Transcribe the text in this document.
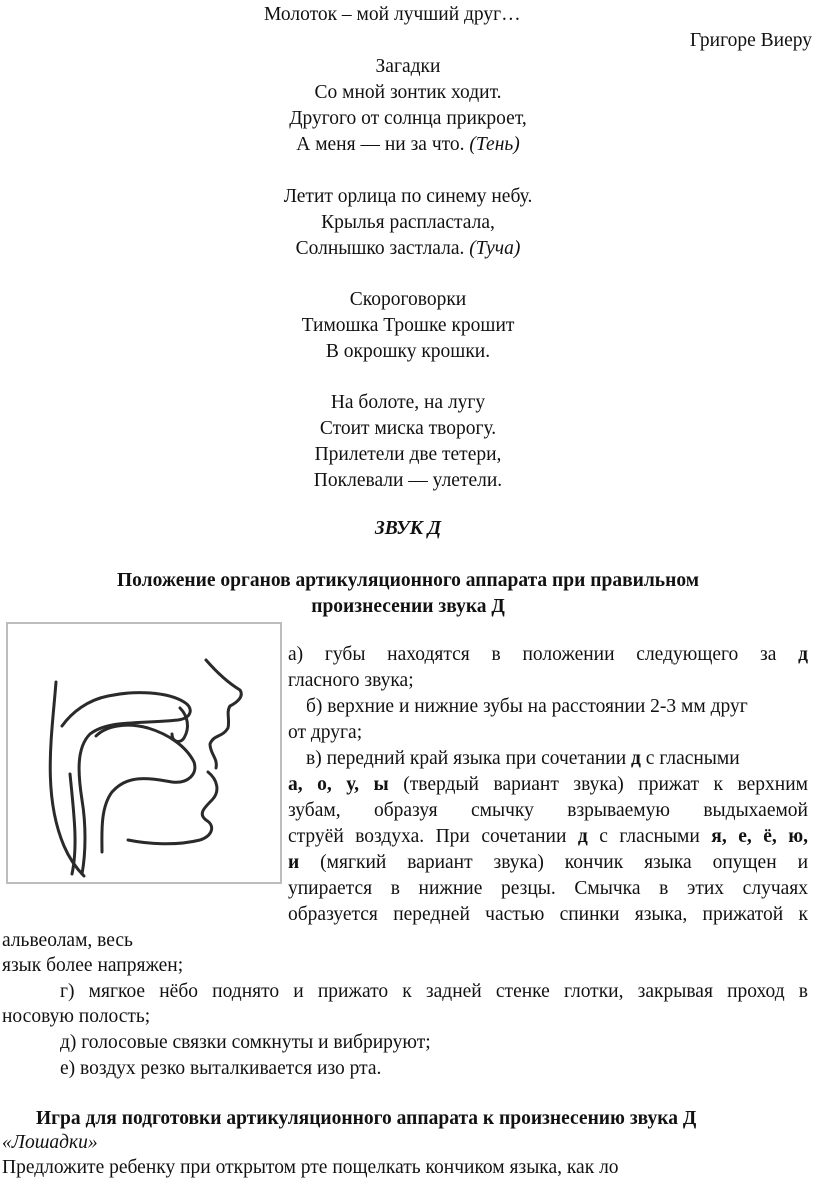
Молоток – мой лучший друг…
Григоре Виеру
Загадки
Со мной зонтик ходит.
Другого от солнца прикроет,
А меня — ни за что. (Тень)
Летит орлица по синему небу.
Крылья распластала,
Солнышко застлала. (Туча)
Скороговорки
Тимошка Трошке крошит
В окрошку крошки.
На болоте, на лугу
Стоит миска творогу.
Прилетели две тетери,
Поклевали — улетели.
ЗВУК Д
Положение органов артикуляционного аппарата при правильном
произнесении звука Д
а) губы находятся в положении следующего за д
гласного звука;
б) верхние и нижние зубы на расстоянии 2-3 мм друг
от друга;
в) передний край языка при сочетании д с гласными
а, о, у, ы (твердый вариант звука) прижат к верхним
зубам, образуя смычку взрываемую выдыхаемой
струёй воздуха. При сочетании д с гласными я, е, ё, ю,
и (мягкий вариант звука) кончик языка опущен и
упирается в нижние резцы. Смычка в этих случаях
образуется передней частью спинки языка, прижатой к
альвеолам, весь
язык более напряжен;
г) мягкое нёбо поднято и прижато к задней стенке глотки, закрывая проход в
носовую полость;
д) голосовые связки сомкнуты и вибрируют;
е) воздух резко выталкивается изо рта.
Игра для подготовки артикуляционного аппарата к произнесению звука Д
«Лошадки»
Предложите ребенку при открытом рте пощелкать кончиком языка, как ло
